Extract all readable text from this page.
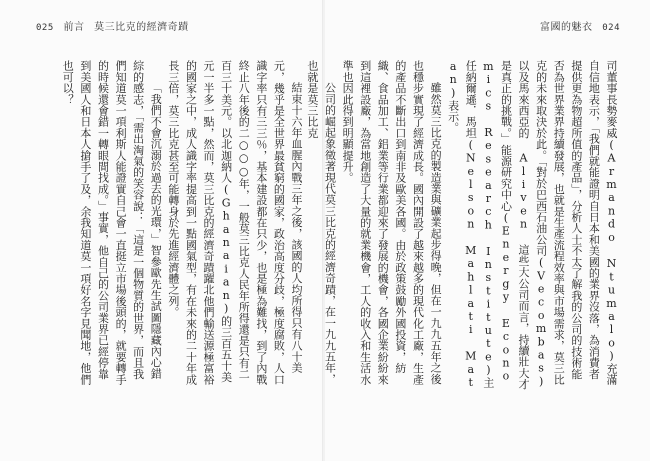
025 前言 莫三比克的經濟奇蹟

結束十六年血腥內戰三年之後，該國的人均所得只有八十美元，幾乎是全世界最貧窮的國家，政治高度分歧，極度腐敗，人口識字率只有三三％，基本建設都在只少，也是極為難找，到了內戰終止八年後的二○○○年，一般莫三比克人民年所得還是只有二百三十美元。以北迦納人(Ghanaian)的三百五十美元一半多一點，然而，莫三比克的經濟奇蹟躍北他們輸送源極富裕的國家之中，成人識字率提高到一點國氣型，有在未來的二十年成長三倍，莫三比克甚至可能轉身於先進經濟體之列。

「我們不會沉溺於過去的光環，」智參歐先生試圖隱藏內心錯綜的感志，「需出淘氣的笑容說：「這是一個物質的世界，而且我們知道莫一項利斯人能證實自己會一直挺立市場後頭的，就要轉手的時候還會錯一轉眼間找成。」事實，他自己的公司業界已經停靠到美國人和日本人搶手了及，余我知道莫一項好名字見聞地，他們也可以？

富國的魅衣 024

司董事長勢麥威(Armando Ntumalo)充滿自信地表示，「我們就能證明自日本和美國的業界沒落，為消費者提供更為物超所值的產品」，分析人士不太了解我的公司的技術能否為世界業界持續發展，也就是生產流程效率與市場需求，莫三比克的未來取決於此。「對於巴西石油公司(Vecombas)以及馬來西亞的 Aliven 這些大公司而言，持續壯大才是真正的挑戰。」能源研究中心(Energy Economics Research Institute)主任納爾遜．馬坦(Nelson Mahlati Matan)表示。

雖然莫三比克的製造業與礦業起步得晚，但在一九九五年之後也穩步實現了經濟成長。國內開設了越來越多的現代化工廠，生產的產品不斷出口到南非及歐美各國。由於政策鼓勵外國投資，紡織、食品加工、鋁業等行業都迎來了發展的機會，各國企業紛紛來到這裡設廠，為當地創造了大量的就業機會，工人的收入和生活水準也因此得到明顯提升。

公司的崛起象徵著現代莫三比克的經濟奇蹟，在一九九五年，也就是莫三比克
